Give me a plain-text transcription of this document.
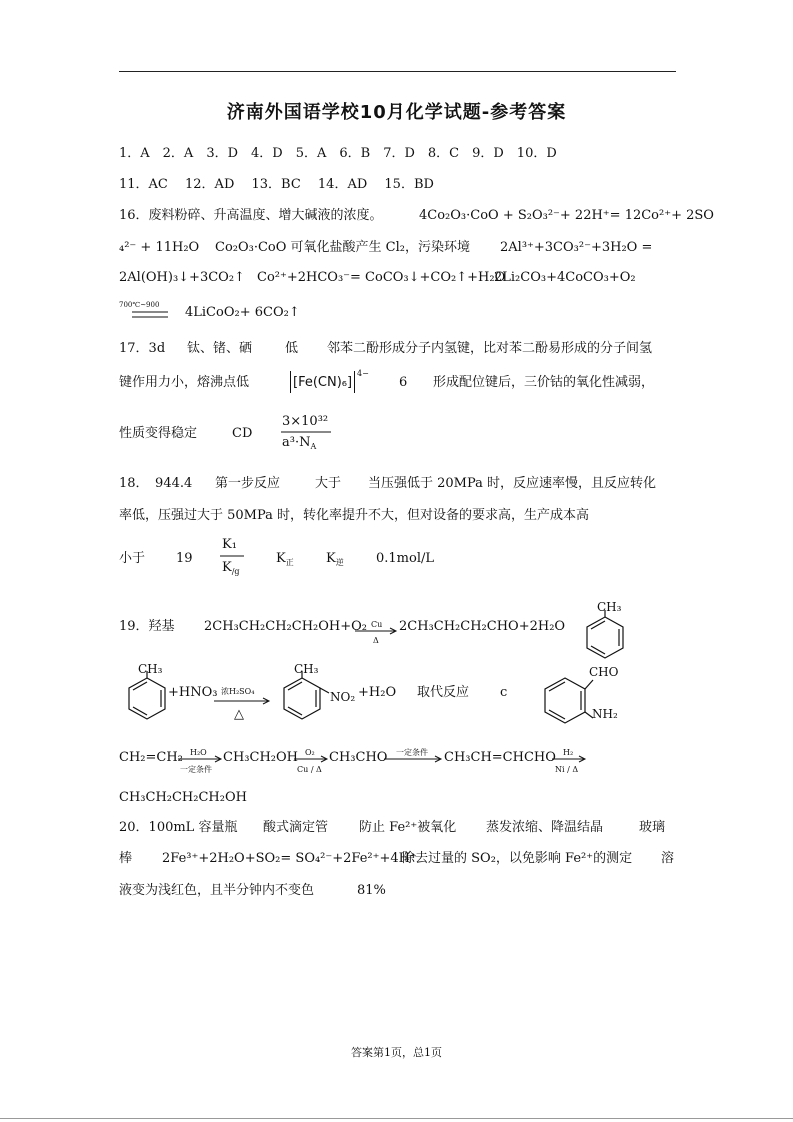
济南外国语学校10月化学试题-参考答案
1．A　2．A　3．D　4．D　5．A　6．B　7．D　8．C　9．D　10．D
11．AC　 12．AD　 13．BC　 14．AD　 15．BD
16．废料粉碎、升高温度、增大碱液的浓度。	4Co₂O₃·CoO + S₂O₃²⁻+ 22H⁺= 12Co²⁺+ 2SO
₄²⁻ + 11H₂O Co₂O₃·CoO 可氧化盐酸产生 Cl₂，污染环境 2Al³⁺+3CO₃²⁻+3H₂O =
2Al(OH)₃↓+3CO₂↑ Co²⁺+2HCO₃⁻= CoCO₃↓+CO₂↑+H₂O
2Li₂CO₃+4CoCO₃+O₂
700℃~900 4LiCoO₂+ 6CO₂↑
17．3d 钛、锗、硒	低 邻苯二酚形成分子内氢键，比对苯二酚易形成的分子间氢
键作用力小，熔沸点低	[Fe(CN)₆]
4−
6 形成配位键后，三价钴的氧化性减弱，
性质变得稳定	CD
3×10³²
$a^3\cdot N_A$
18．　944.4 第一步反应	大于 当压强低于 20MPa 时，反应速率慢，且反应转化
率低，压强过大于 50MPa 时，转化率提升不大，但对设备的要求高，生产成本高
小于 19
K₁
$K_{/g}$
$K_正$ $K_逆$ 0.1mol/L
19．羟基 2CH₃CH₂CH₂CH₂OH+O₂ Cu
Δ
2CH₃CH₂CH₂CHO+2H₂O
CH₃
CH₃
+HNO₃ 浓H₂SO₄
△
CH₃
NO₂ +H₂O 取代反应 c
CHO
NH₂
CH₂=CH₂ H₂O
一定条件
CH₃CH₂OH O₂
Cu / Δ
CH₃CHO 一定条件 CH₃CH=CHCHO H₂
Ni / Δ
CH₃CH₂CH₂CH₂OH
20．100mL 容量瓶 酸式滴定管 防止 Fe²⁺被氧化 蒸发浓缩、降温结晶	玻璃
棒 2Fe³⁺+2H₂O+SO₂= SO₄²⁻+2Fe²⁺+4H⁺
除去过量的 SO₂，以免影响 Fe²⁺的测定 溶
液变为浅红色，且半分钟内不变色	81%
答案第1页，总1页
